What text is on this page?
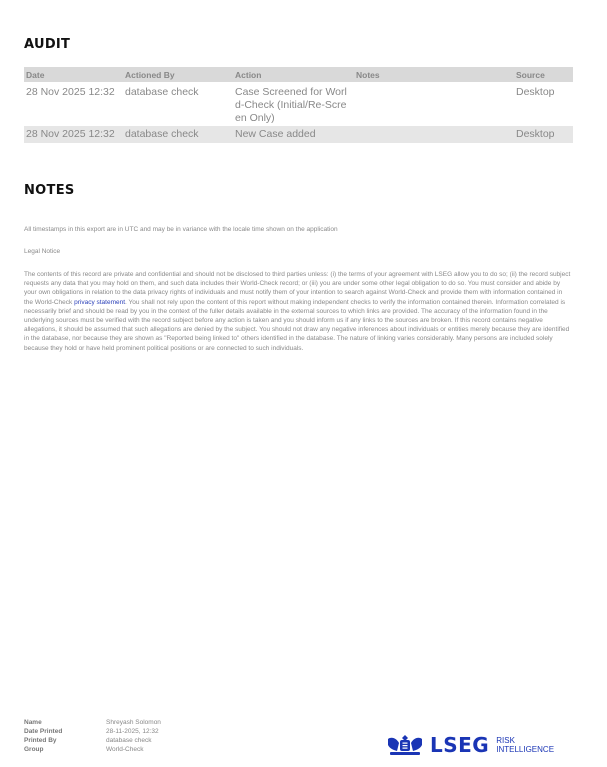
AUDIT
Date	Actioned By	Action	Notes	Source
28 Nov 2025 12:32	database check	Case Screened for World-Check (Initial/Re-Screen Only)		Desktop
28 Nov 2025 12:32	database check	New Case added		Desktop
NOTES
All timestamps in this export are in UTC and may be in variance with the locale time shown on the application
Legal Notice
The contents of this record are private and confidential and should not be disclosed to third parties unless: (i) the terms of your agreement with LSEG allow you to do so; (ii) the record subject requests any data that you may hold on them, and such data includes their World-Check record; or (iii) you are under some other legal obligation to do so. You must consider and abide by your own obligations in relation to the data privacy rights of individuals and must notify them of your intention to search against World-Check and provide them with information contained in the World-Check privacy statement. You shall not rely upon the content of this report without making independent checks to verify the information contained therein. Information correlated is necessarily brief and should be read by you in the context of the fuller details available in the external sources to which links are provided. The accuracy of the information found in the underlying sources must be verified with the record subject before any action is taken and you should inform us if any links to the sources are broken. If this record contains negative allegations, it should be assumed that such allegations are denied by the subject. You should not draw any negative inferences about individuals or entities merely because they are identified in the database, nor because they are shown as "Reported being linked to" others identified in the database. The nature of linking varies considerably. Many persons are included solely because they hold or have held prominent political positions or are connected to such individuals.
Name	Shreyash Solomon
Date Printed	28-11-2025, 12:32
Printed By	database check
Group	World-Check	LSEG RISK
INTELLIGENCE
